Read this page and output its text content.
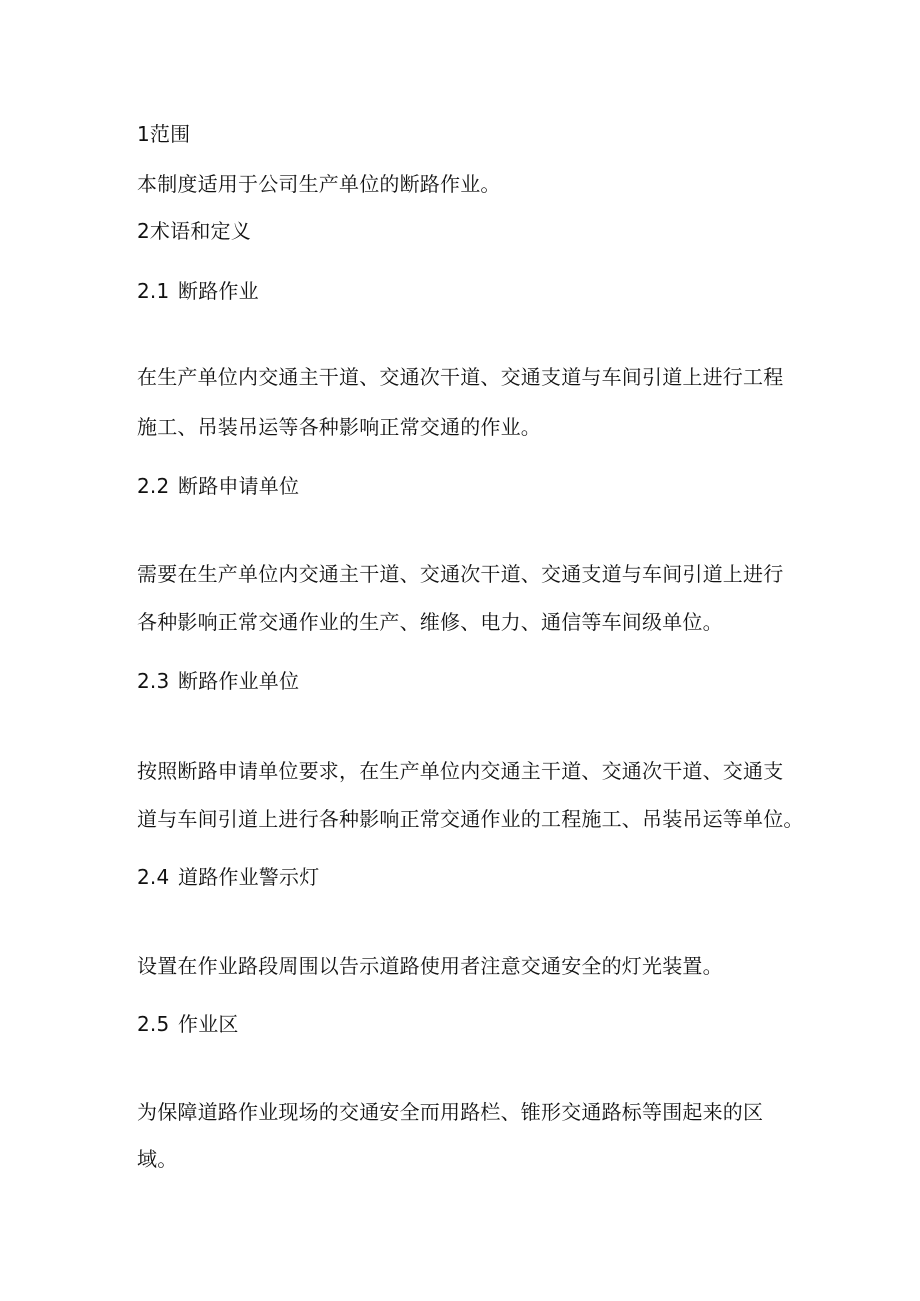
1范围
本制度适用于公司生产单位的断路作业。
2术语和定义
2.1 断路作业
在生产单位内交通主干道、交通次干道、交通支道与车间引道上进行工程
施工、吊装吊运等各种影响正常交通的作业。
2.2 断路申请单位
需要在生产单位内交通主干道、交通次干道、交通支道与车间引道上进行
各种影响正常交通作业的生产、维修、电力、通信等车间级单位。
2.3 断路作业单位
按照断路申请单位要求，在生产单位内交通主干道、交通次干道、交通支
道与车间引道上进行各种影响正常交通作业的工程施工、吊装吊运等单位。
2.4 道路作业警示灯
设置在作业路段周围以告示道路使用者注意交通安全的灯光装置。
2.5 作业区
为保障道路作业现场的交通安全而用路栏、锥形交通路标等围起来的区
域。
